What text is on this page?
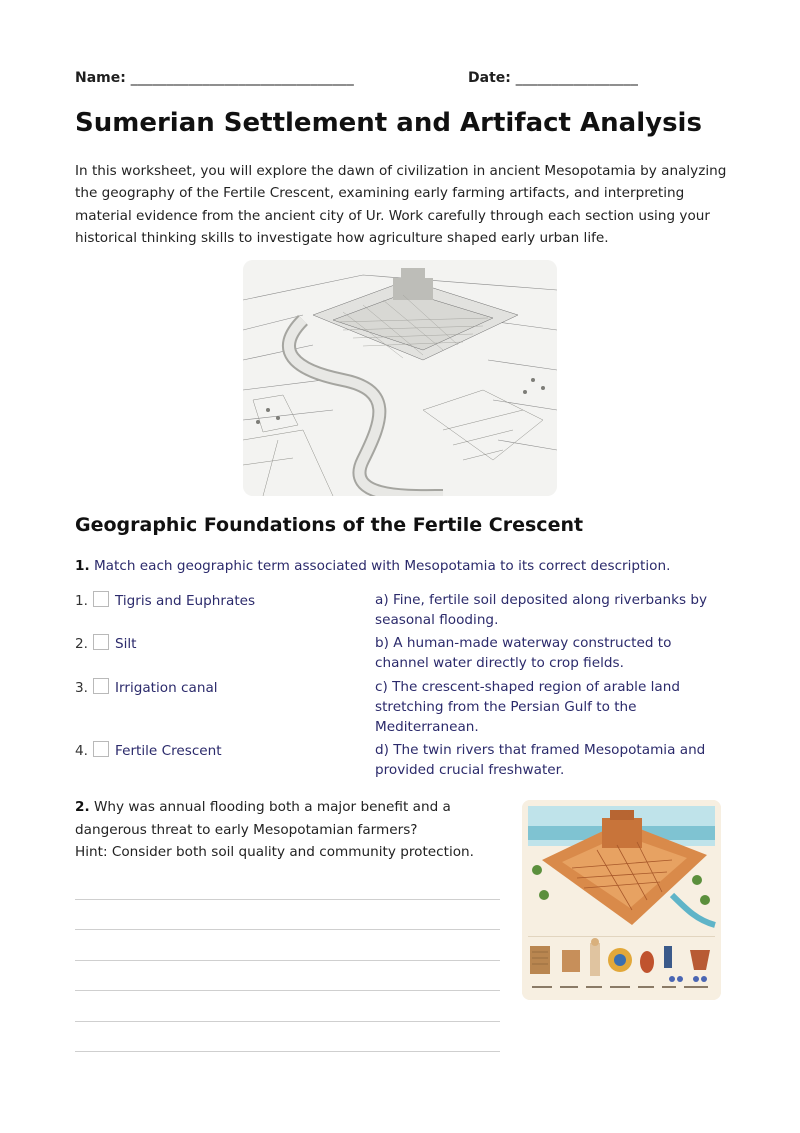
Name: _______________________________	Date: _________________
Sumerian Settlement and Artifact Analysis

In this worksheet, you will explore the dawn of civilization in ancient Mesopotamia by analyzing the geography of the Fertile Crescent, examining early farming artifacts, and interpreting material evidence from the ancient city of Ur. Work carefully through each section using your historical thinking skills to investigate how agriculture shaped early urban life.

Geographic Foundations of the Fertile Crescent
1. Match each geographic term associated with Mesopotamia to its correct description.
1. Tigris and Euphrates
2. Silt
3. Irrigation canal
4. Fertile Crescent
a) Fine, fertile soil deposited along riverbanks by seasonal flooding.
b) A human-made waterway constructed to channel water directly to crop fields.
c) The crescent-shaped region of arable land stretching from the Persian Gulf to the Mediterranean.
d) The twin rivers that framed Mesopotamia and provided crucial freshwater.
2. Why was annual flooding both a major benefit and a dangerous threat to early Mesopotamian farmers?
Hint: Consider both soil quality and community protection.
